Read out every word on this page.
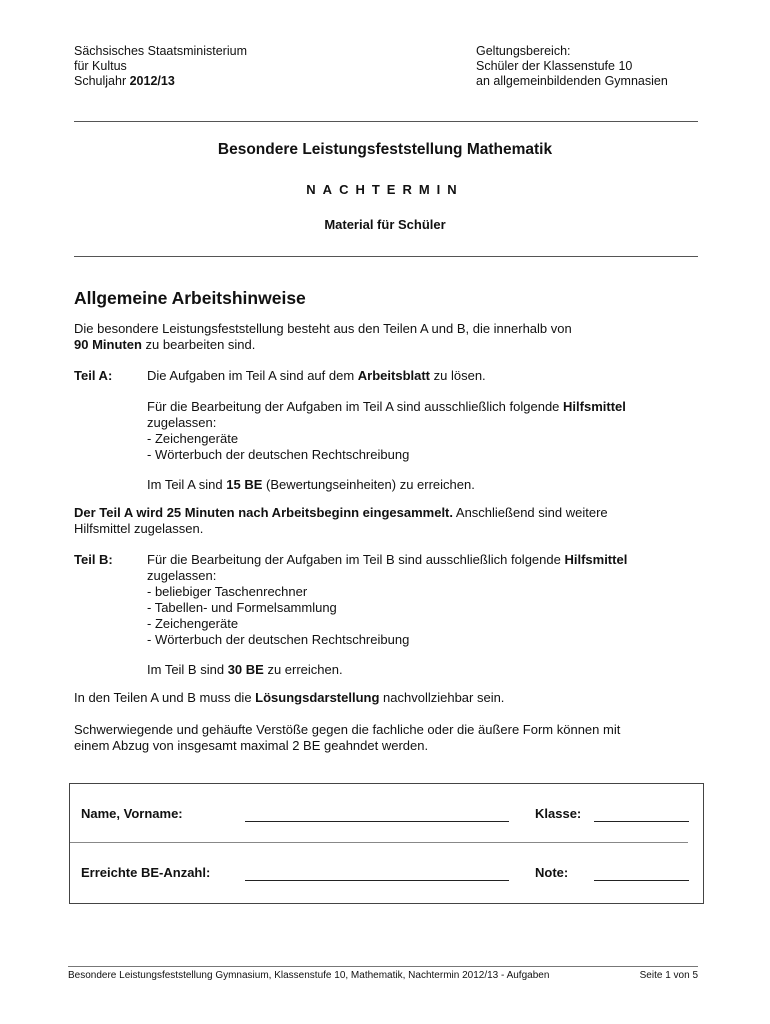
Sächsisches Staatsministerium
für Kultus
Schuljahr 2012/13
Geltungsbereich:
Schüler der Klassenstufe 10
an allgemeinbildenden Gymnasien
Besondere Leistungsfeststellung Mathematik
NACHTERMIN
Material für Schüler
Allgemeine Arbeitshinweise
Die besondere Leistungsfeststellung besteht aus den Teilen A und B, die innerhalb von
90 Minuten zu bearbeiten sind.
Teil A:	Die Aufgaben im Teil A sind auf dem Arbeitsblatt zu lösen.
Für die Bearbeitung der Aufgaben im Teil A sind ausschließlich folgende Hilfsmittel
zugelassen:
- Zeichengeräte
- Wörterbuch der deutschen Rechtschreibung
Im Teil A sind 15 BE (Bewertungseinheiten) zu erreichen.
Der Teil A wird 25 Minuten nach Arbeitsbeginn eingesammelt. Anschließend sind weitere
Hilfsmittel zugelassen.
Teil B:	Für die Bearbeitung der Aufgaben im Teil B sind ausschließlich folgende Hilfsmittel
zugelassen:
- beliebiger Taschenrechner
- Tabellen- und Formelsammlung
- Zeichengeräte
- Wörterbuch der deutschen Rechtschreibung
Im Teil B sind 30 BE zu erreichen.
In den Teilen A und B muss die Lösungsdarstellung nachvollziehbar sein.
Schwerwiegende und gehäufte Verstöße gegen die fachliche oder die äußere Form können mit
einem Abzug von insgesamt maximal 2 BE geahndet werden.
Name, Vorname:	Klasse:
Erreichte BE-Anzahl:	Note:
Besondere Leistungsfeststellung Gymnasium, Klassenstufe 10, Mathematik, Nachtermin 2012/13 - Aufgaben	Seite 1 von 5
